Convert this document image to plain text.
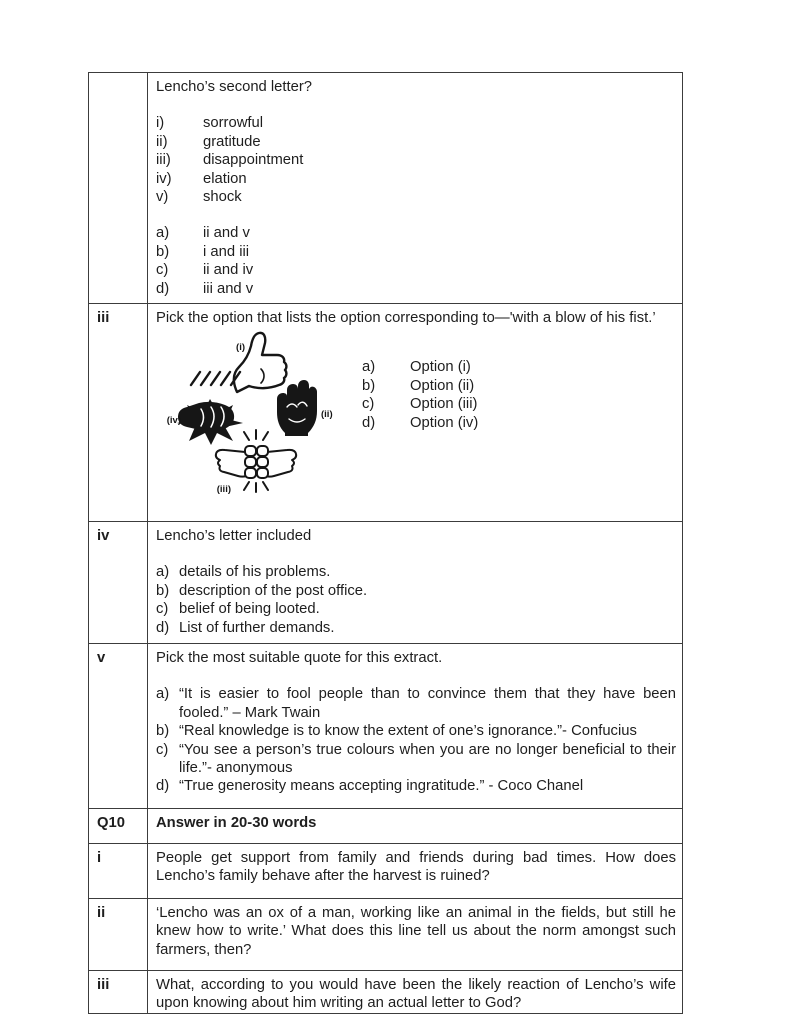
Lencho’s second letter?
i)	sorrowful
ii)	gratitude
iii)	disappointment
iv)	elation
v)	shock
a)	ii and v
b)	i and iii
c)	ii and iv
d)	iii and v

iii	Pick the option that lists the option corresponding to—'with a blow of his fist.’
(i)
(ii)
(iv)
(iii)
a)	Option (i)
b)	Option (ii)
c)	Option (iii)
d)	Option (iv)

iv	Lencho’s letter included
a) details of his problems.
b) description of the post office.
c) belief of being looted.
d) List of further demands.

v	Pick the most suitable quote for this extract.
a) “It is easier to fool people than to convince them that they have been fooled.” – Mark Twain
b) “Real knowledge is to know the extent of one’s ignorance.”- Confucius
c) “You see a person’s true colours when you are no longer beneficial to their life.”- anonymous
d) “True generosity means accepting ingratitude.” - Coco Chanel

Q10	Answer in 20-30 words

i	People get support from family and friends during bad times. How does Lencho’s family behave after the harvest is ruined?

ii	‘Lencho was an ox of a man, working like an animal in the fields, but still he knew how to write.’ What does this line tell us about the norm amongst such farmers, then?

iii	What, according to you would have been the likely reaction of Lencho’s wife upon knowing about him writing an actual letter to God?
